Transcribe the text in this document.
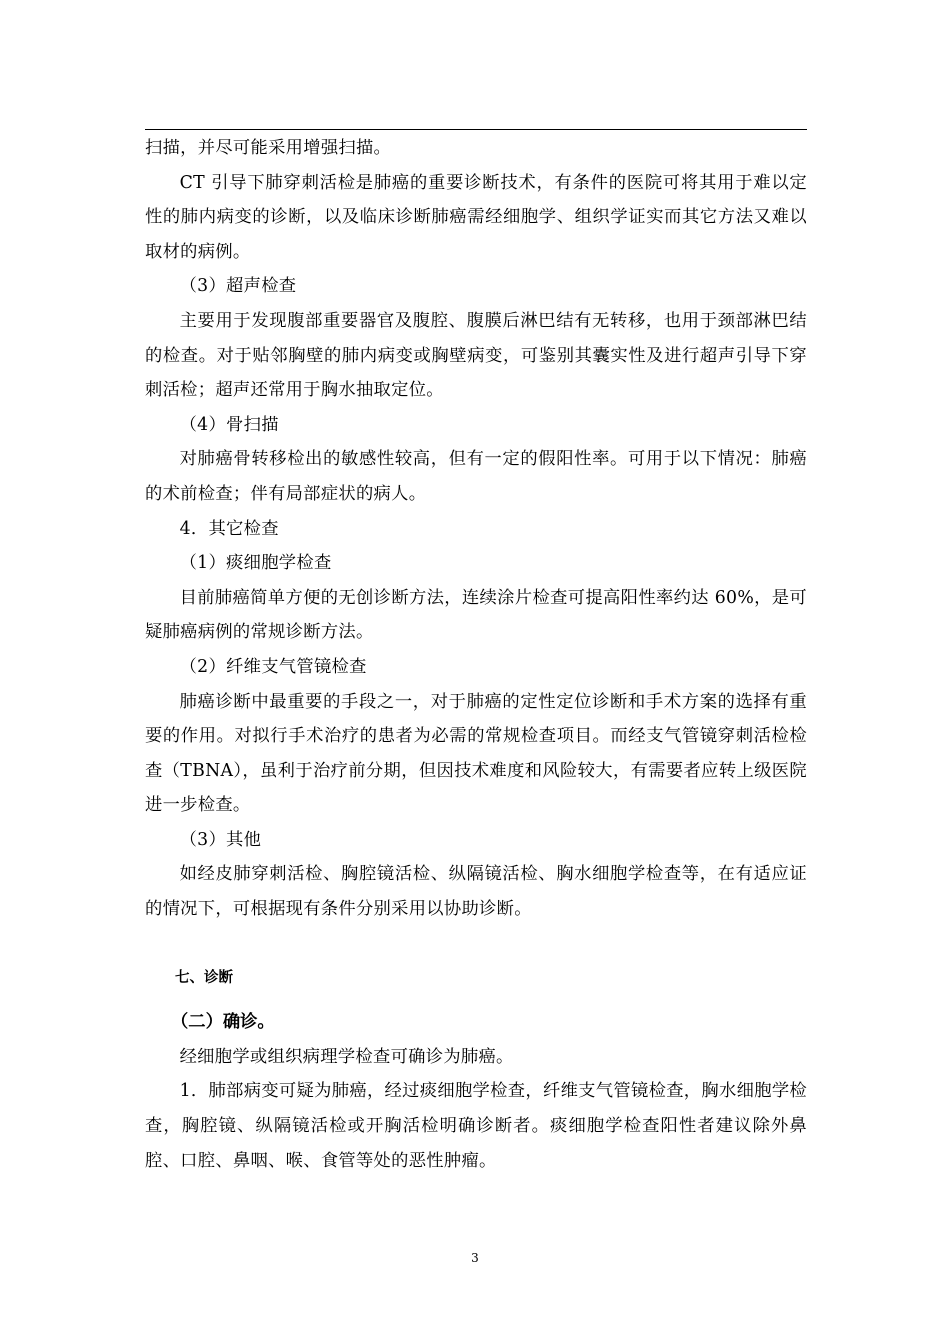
扫描，并尽可能采用增强扫描。

CT 引导下肺穿刺活检是肺癌的重要诊断技术，有条件的医院可将其用于难以定性的肺内病变的诊断，以及临床诊断肺癌需经细胞学、组织学证实而其它方法又难以取材的病例。

（3）超声检查

主要用于发现腹部重要器官及腹腔、腹膜后淋巴结有无转移，也用于颈部淋巴结的检查。对于贴邻胸壁的肺内病变或胸壁病变，可鉴别其囊实性及进行超声引导下穿刺活检；超声还常用于胸水抽取定位。

（4）骨扫描

对肺癌骨转移检出的敏感性较高，但有一定的假阳性率。可用于以下情况：肺癌的术前检查；伴有局部症状的病人。

4．其它检查

（1）痰细胞学检查

目前肺癌简单方便的无创诊断方法，连续涂片检查可提高阳性率约达 60%，是可疑肺癌病例的常规诊断方法。

（2）纤维支气管镜检查

肺癌诊断中最重要的手段之一，对于肺癌的定性定位诊断和手术方案的选择有重要的作用。对拟行手术治疗的患者为必需的常规检查项目。而经支气管镜穿刺活检检查（TBNA），虽利于治疗前分期，但因技术难度和风险较大，有需要者应转上级医院进一步检查。

（3）其他

如经皮肺穿刺活检、胸腔镜活检、纵隔镜活检、胸水细胞学检查等，在有适应证的情况下，可根据现有条件分别采用以协助诊断。

七、诊断

（二）确诊。

经细胞学或组织病理学检查可确诊为肺癌。

1．肺部病变可疑为肺癌，经过痰细胞学检查，纤维支气管镜检查，胸水细胞学检查，胸腔镜、纵隔镜活检或开胸活检明确诊断者。痰细胞学检查阳性者建议除外鼻腔、口腔、鼻咽、喉、食管等处的恶性肿瘤。

3
